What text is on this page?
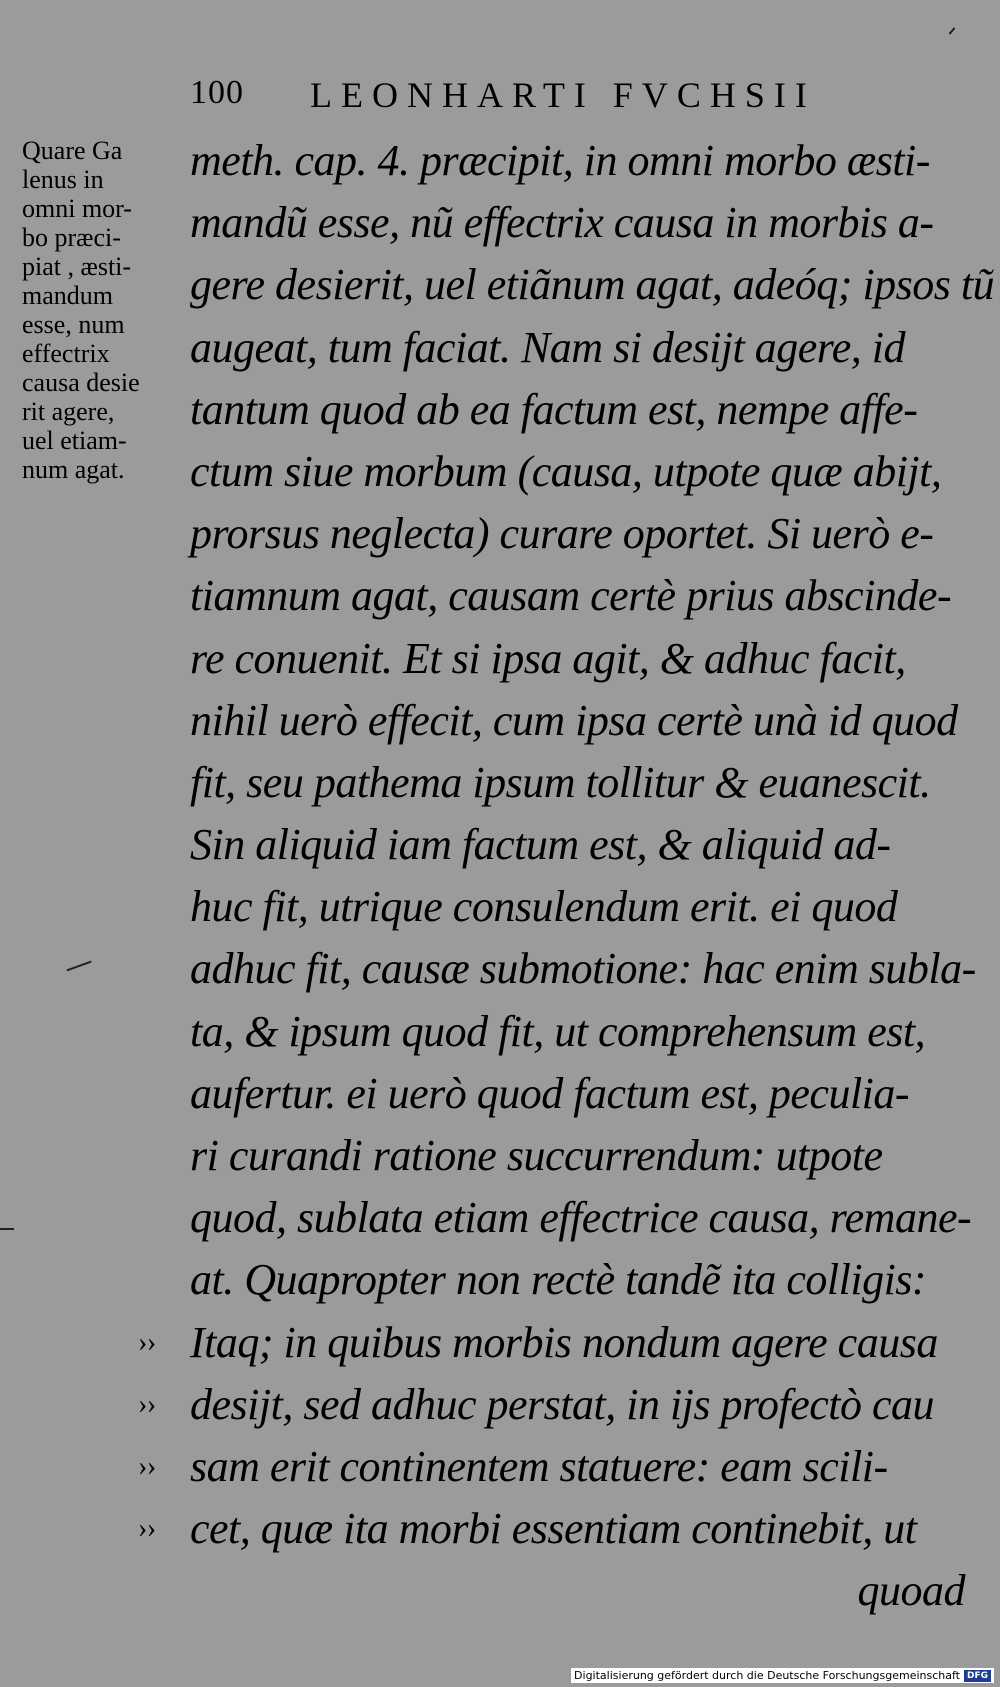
100 LEONHARTI FVCHSII
Quare Ga
lenus in
omni mor-
bo præci-
piat , æsti-
mandum
esse, num
effectrix
causa desie
rit agere,
uel etiam-
num agat.
meth. cap. 4. præcipit, in omni morbo æsti-
mandũ esse, nũ effectrix causa in morbis a-
gere desierit, uel etiãnum agat, adeóq; ipsos tũ
augeat, tum faciat. Nam si desijt agere, id
tantum quod ab ea factum est, nempe affe-
ctum siue morbum (causa, utpote quæ abijt,
prorsus neglecta) curare oportet. Si uerò e-
tiamnum agat, causam certè prius abscinde-
re conuenit. Et si ipsa agit, & adhuc facit,
nihil uerò effecit, cum ipsa certè unà id quod
fit, seu pathema ipsum tollitur & euanescit.
Sin aliquid iam factum est, & aliquid ad-
huc fit, utrique consulendum erit. ei quod
adhuc fit, causæ submotione: hac enim subla-
ta, & ipsum quod fit, ut comprehensum est,
aufertur. ei uerò quod factum est, peculia-
ri curandi ratione succurrendum: utpote
quod, sublata etiam effectrice causa, remane-
at. Quapropter non rectè tandẽ ita colligis:
›› Itaq; in quibus morbis nondum agere causa
›› desijt, sed adhuc perstat, in ijs profectò cau
›› sam erit continentem statuere: eam scili-
›› cet, quæ ita morbi essentiam continebit, ut
quoad
Digitalisierung gefördert durch die Deutsche Forschungsgemeinschaft DFG
